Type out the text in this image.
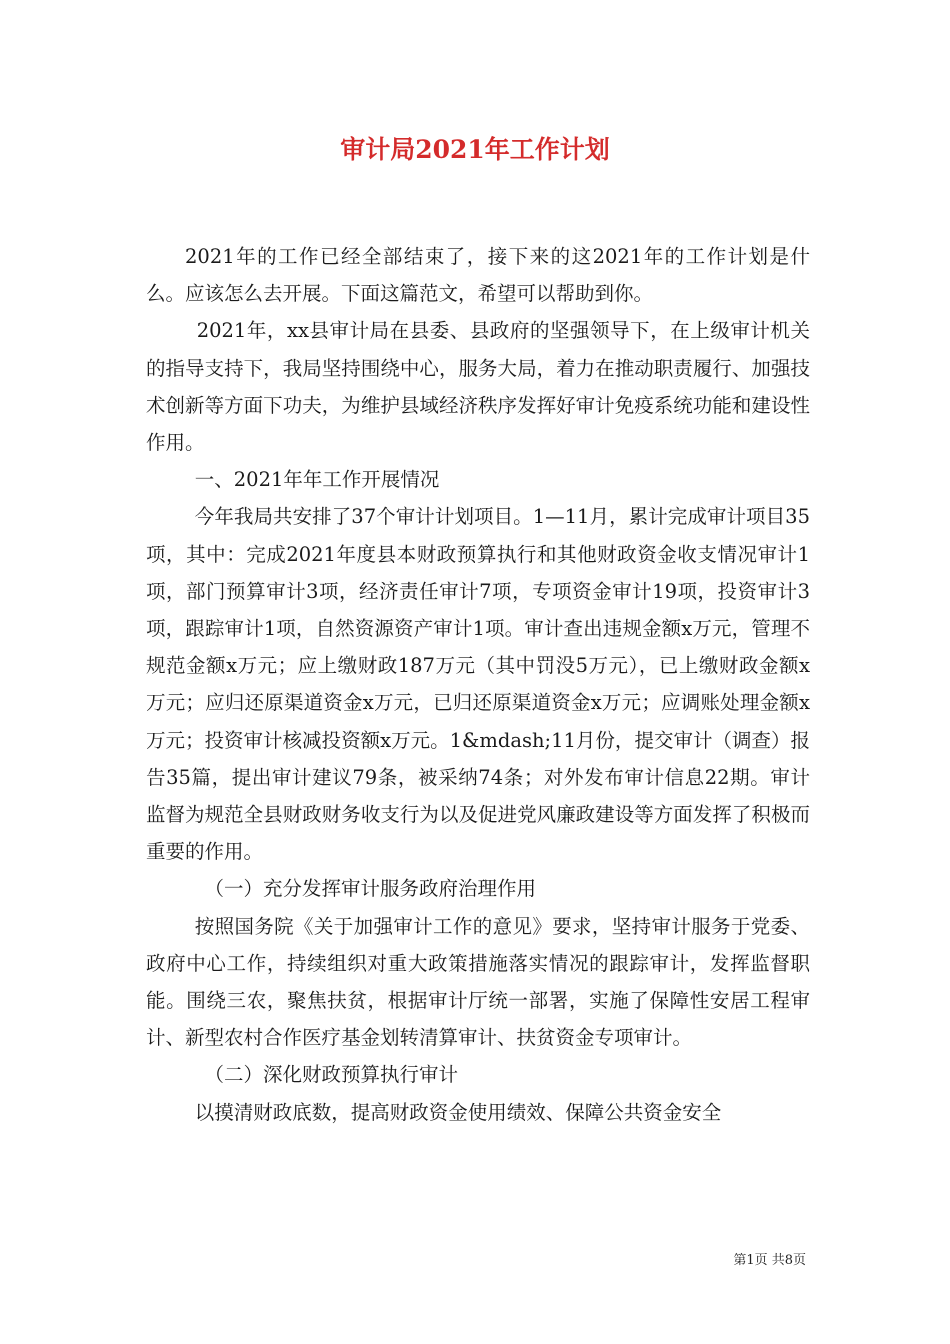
审计局2021年工作计划

2021年的工作已经全部结束了，接下来的这2021年的工作计划是什么。应该怎么去开展。下面这篇范文，希望可以帮助到你。

2021年，xx县审计局在县委、县政府的坚强领导下，在上级审计机关的指导支持下，我局坚持围绕中心，服务大局，着力在推动职责履行、加强技术创新等方面下功夫，为维护县域经济秩序发挥好审计免疫系统功能和建设性作用。

一、2021年年工作开展情况

今年我局共安排了37个审计计划项目。1—11月，累计完成审计项目35项，其中：完成2021年度县本财政预算执行和其他财政资金收支情况审计1项，部门预算审计3项，经济责任审计7项，专项资金审计19项，投资审计3项，跟踪审计1项，自然资源资产审计1项。审计查出违规金额x万元，管理不规范金额x万元；应上缴财政187万元（其中罚没5万元），已上缴财政金额x万元；应归还原渠道资金x万元，已归还原渠道资金x万元；应调账处理金额x万元；投资审计核减投资额x万元。1&mdash;11月份，提交审计（调查）报告35篇，提出审计建议79条，被采纳74条；对外发布审计信息22期。审计监督为规范全县财政财务收支行为以及促进党风廉政建设等方面发挥了积极而重要的作用。

（一）充分发挥审计服务政府治理作用

按照国务院《关于加强审计工作的意见》要求，坚持审计服务于党委、政府中心工作，持续组织对重大政策措施落实情况的跟踪审计，发挥监督职能。围绕三农，聚焦扶贫，根据审计厅统一部署，实施了保障性安居工程审计、新型农村合作医疗基金划转清算审计、扶贫资金专项审计。

（二）深化财政预算执行审计

以摸清财政底数，提高财政资金使用绩效、保障公共资金安全

第1页 共8页
